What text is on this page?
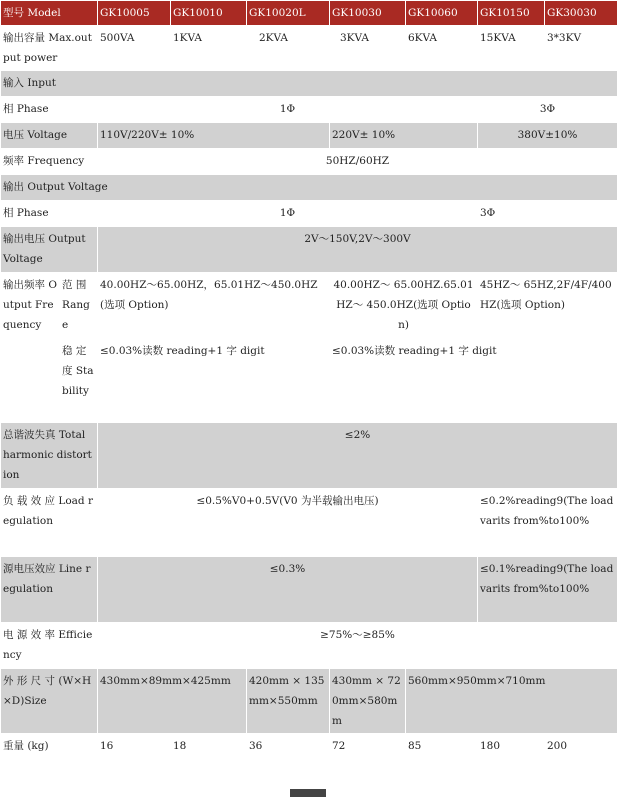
型号 Model		GK10005	GK10010	GK10020L	GK10030	GK10060	GK10150	GK30030
输出容量 Max.output power		500VA	1KVA	2KVA	3KVA	6KVA	15KVA	3*3KV
输入 Input								
相 Phase		1Φ					3Φ	
电压 Voltage		110V/220V± 10%			220V± 10%		380V±10%	
频率 Frequency		50HZ/60HZ						
输出 Output Voltage								
相 Phase		1Φ					3Φ	
输出电压 Output Voltage		2V～150V,2V～300V						
输出频率 Output Frequency	范 围 Range	40.00HZ～65.00HZ，65.01HZ～450.0HZ(选项 Option)			40.00HZ～ 65.00HZ.65.01HZ～ 450.0HZ(选项 Option)		45HZ～ 65HZ,2F/4F/400HZ(选项 Option)	
	稳 定度 Stability	≤0.03%读数 reading+1 字 digit			≤0.03%读数 reading+1 字 digit			
总谐波失真 Total harmonic distortion		≤2%						
负 载 效 应 Load regulation		≤0.5%V0+0.5V(V0 为半载输出电压)					≤0.2%reading9(The load varits from%to100%	
源电压效应 Line regulation		≤0.3%					≤0.1%reading9(The load varits from%to100%	
电 源 效 率 Efficiency		≥75%～≥85%						
外 形 尺 寸 (W×H×D)Size		430mm×89mm×425mm		420mm × 135mm×550mm	430mm × 720mm×580mm	560mm×950mm×710mm		
重量 (kg)		16	18	36	72	85	180	200
